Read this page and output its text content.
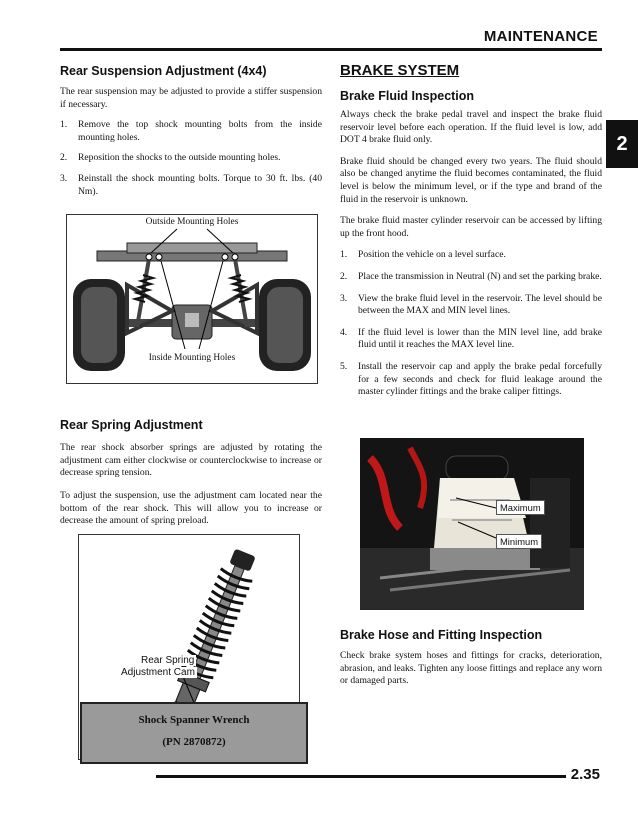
MAINTENANCE
2
Rear Suspension Adjustment (4x4)

The rear suspension may be adjusted to provide a stiffer suspension if necessary.

1. Remove the top shock mounting bolts from the inside mounting holes.
2. Reposition the shocks to the outside mounting holes.
3. Reinstall the shock mounting bolts. Torque to 30 ft. lbs. (40 Nm).
Outside Mounting Holes
Inside Mounting Holes
Rear Spring Adjustment

The rear shock absorber springs are adjusted by rotating the adjustment cam either clockwise or counterclockwise to increase or decrease spring tension.

To adjust the suspension, use the adjustment cam located near the bottom of the rear shock. This will allow you to increase or decrease the amount of spring preload.

Rear Spring
Adjustment Cam
Shock Spanner Wrench
(PN 2870872)
BRAKE SYSTEM
Brake Fluid Inspection

Always check the brake pedal travel and inspect the brake fluid reservoir level before each operation. If the fluid level is low, add DOT 4 brake fluid only.

Brake fluid should be changed every two years. The fluid should also be changed anytime the fluid becomes contaminated, the fluid level is below the minimum level, or if the type and brand of the fluid in the reservoir is unknown.

The brake fluid master cylinder reservoir can be accessed by lifting up the front hood.

1. Position the vehicle on a level surface.
2. Place the transmission in Neutral (N) and set the parking brake.
3. View the brake fluid level in the reservoir. The level should be between the MAX and MIN level lines.
4. If the fluid level is lower than the MIN level line, add brake fluid until it reaches the MAX level line.
5. Install the reservoir cap and apply the brake pedal forcefully for a few seconds and check for fluid leakage around the master cylinder fittings and the brake caliper fittings.
Maximum
Minimum
Brake Hose and Fitting Inspection

Check brake system hoses and fittings for cracks, deterioration, abrasion, and leaks. Tighten any loose fittings and replace any worn or damaged parts.

2.35
